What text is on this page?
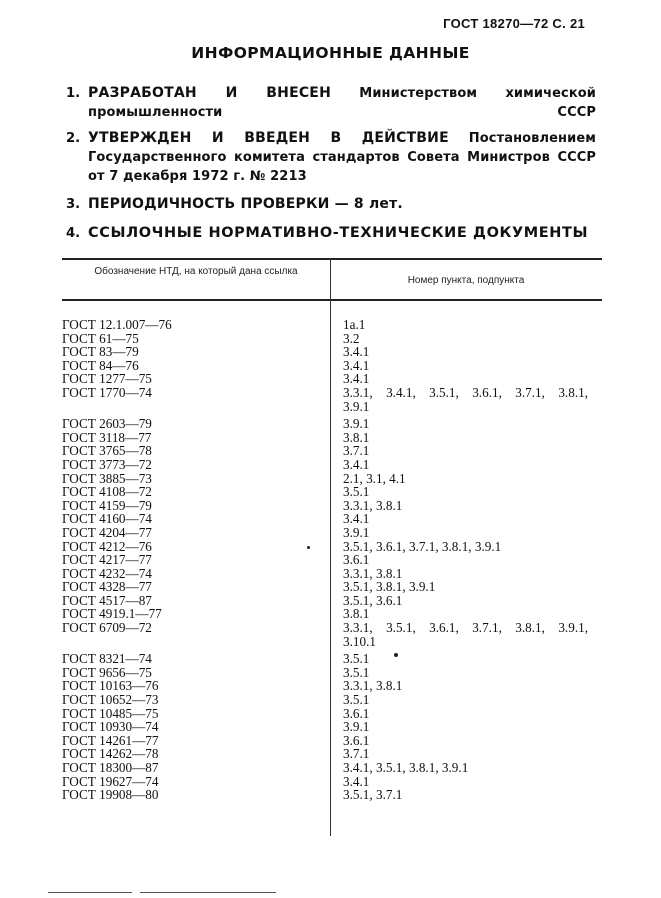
ГОСТ 18270—72 С. 21
ИНФОРМАЦИОННЫЕ ДАННЫЕ
1. РАЗРАБОТАН И ВНЕСЕН Министерством химической промышленности СССР
2. УТВЕРЖДЕН И ВВЕДЕН В ДЕЙСТВИЕ Постановлением Государственного комитета стандартов Совета Министров СССР от 7 декабря 1972 г. № 2213
3. ПЕРИОДИЧНОСТЬ ПРОВЕРКИ — 8 лет.
4. ССЫЛОЧНЫЕ НОРМАТИВНО-ТЕХНИЧЕСКИЕ ДОКУМЕНТЫ
Обозначение НТД, на который дана ссылка
Номер пункта, подпункта
ГОСТ 12.1.007—76	1а.1
ГОСТ 61—75	3.2
ГОСТ 83—79	3.4.1
ГОСТ 84—76	3.4.1
ГОСТ 1277—75	3.4.1
ГОСТ 1770—74	3.3.1, 3.4.1, 3.5.1, 3.6.1, 3.7.1, 3.8.1,
3.9.1
ГОСТ 2603—79	3.9.1
ГОСТ 3118—77	3.8.1
ГОСТ 3765—78	3.7.1
ГОСТ 3773—72	3.4.1
ГОСТ 3885—73	2.1, 3.1, 4.1
ГОСТ 4108—72	3.5.1
ГОСТ 4159—79	3.3.1, 3.8.1
ГОСТ 4160—74	3.4.1
ГОСТ 4204—77	3.9.1
ГОСТ 4212—76	3.5.1, 3.6.1, 3.7.1, 3.8.1, 3.9.1
ГОСТ 4217—77	3.6.1
ГОСТ 4232—74	3.3.1, 3.8.1
ГОСТ 4328—77	3.5.1, 3.8.1, 3.9.1
ГОСТ 4517—87	3.5.1, 3.6.1
ГОСТ 4919.1—77	3.8.1
ГОСТ 6709—72	3.3.1, 3.5.1, 3.6.1, 3.7.1, 3.8.1, 3.9.1,
3.10.1
ГОСТ 8321—74	3.5.1
ГОСТ 9656—75	3.5.1
ГОСТ 10163—76	3.3.1, 3.8.1
ГОСТ 10652—73	3.5.1
ГОСТ 10485—75	3.6.1
ГОСТ 10930—74	3.9.1
ГОСТ 14261—77	3.6.1
ГОСТ 14262—78	3.7.1
ГОСТ 18300—87	3.4.1, 3.5.1, 3.8.1, 3.9.1
ГОСТ 19627—74	3.4.1
ГОСТ 19908—80	3.5.1, 3.7.1
